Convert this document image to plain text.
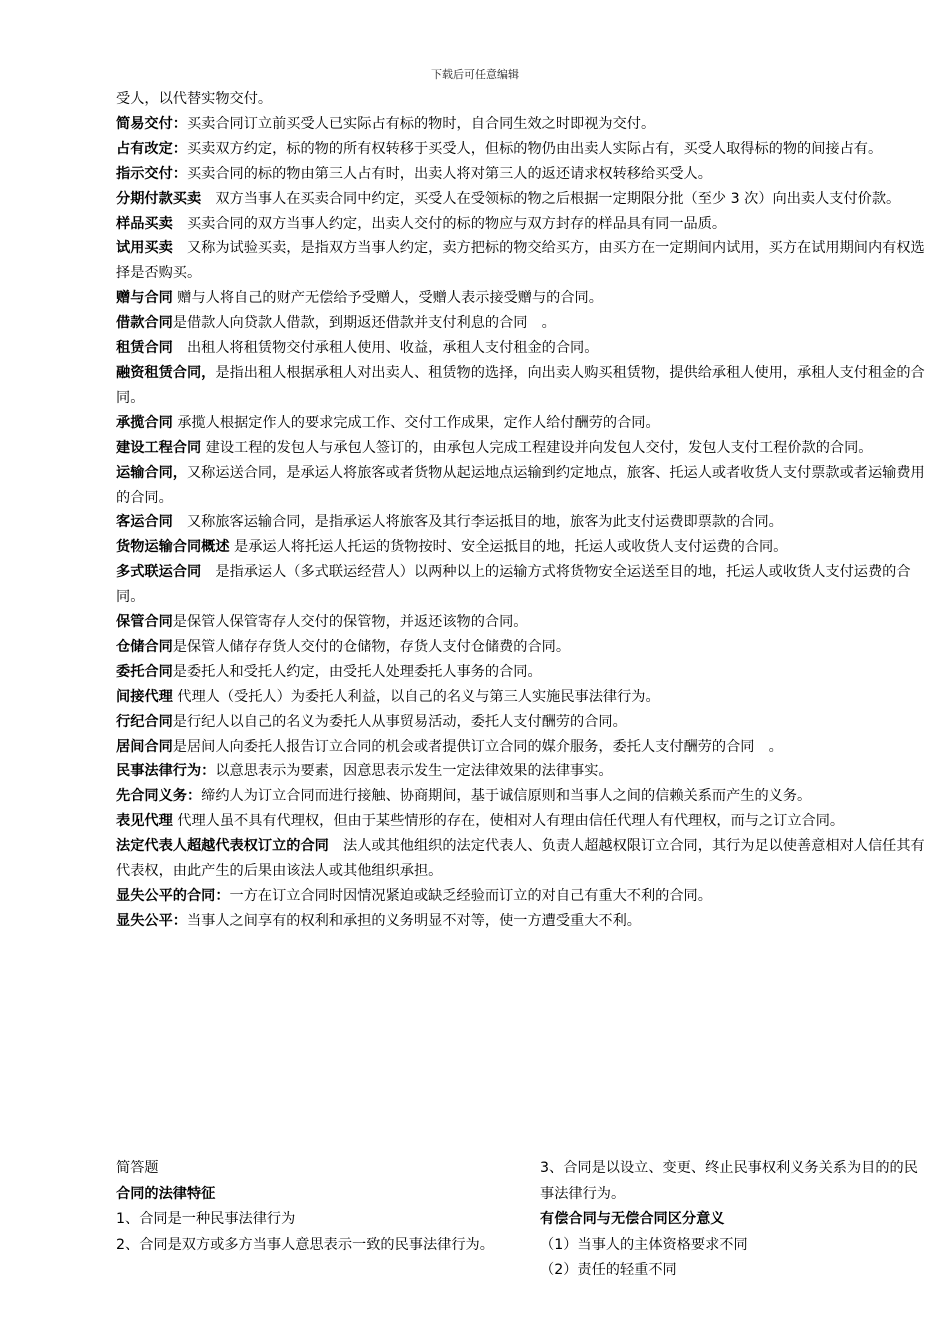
下载后可任意编辑

受人，以代替实物交付。

简易交付：买卖合同订立前买受人已实际占有标的物时，自合同生效之时即视为交付。

占有改定：买卖双方约定，标的物的所有权转移于买受人，但标的物仍由出卖人实际占有，买受人取得标的物的间接占有。

指示交付：买卖合同的标的物由第三人占有时，出卖人将对第三人的返还请求权转移给买受人。

分期付款买卖　双方当事人在买卖合同中约定，买受人在受领标的物之后根据一定期限分批（至少 3 次）向出卖人支付价款。

样品买卖　买卖合同的双方当事人约定，出卖人交付的标的物应与双方封存的样品具有同一品质。

试用买卖　又称为试验买卖，是指双方当事人约定，卖方把标的物交给买方，由买方在一定期间内试用，买方在试用期间内有权选择是否购买。

赠与合同 赠与人将自己的财产无偿给予受赠人，受赠人表示接受赠与的合同。

借款合同是借款人向贷款人借款，到期返还借款并支付利息的合同　。

租赁合同　出租人将租赁物交付承租人使用、收益，承租人支付租金的合同。

融资租赁合同，是指出租人根据承租人对出卖人、租赁物的选择，向出卖人购买租赁物，提供给承租人使用，承租人支付租金的合同。

承揽合同 承揽人根据定作人的要求完成工作、交付工作成果，定作人给付酬劳的合同。

建设工程合同 建设工程的发包人与承包人签订的，由承包人完成工程建设并向发包人交付，发包人支付工程价款的合同。

运输合同，又称运送合同，是承运人将旅客或者货物从起运地点运输到约定地点，旅客、托运人或者收货人支付票款或者运输费用的合同。

客运合同　又称旅客运输合同，是指承运人将旅客及其行李运抵目的地，旅客为此支付运费即票款的合同。

货物运输合同概述 是承运人将托运人托运的货物按时、安全运抵目的地，托运人或收货人支付运费的合同。

多式联运合同　是指承运人（多式联运经营人）以两种以上的运输方式将货物安全运送至目的地，托运人或收货人支付运费的合同。

保管合同是保管人保管寄存人交付的保管物，并返还该物的合同。

仓储合同是保管人储存存货人交付的仓储物，存货人支付仓储费的合同。

委托合同是委托人和受托人约定，由受托人处理委托人事务的合同。

间接代理 代理人（受托人）为委托人利益，以自己的名义与第三人实施民事法律行为。

行纪合同是行纪人以自己的名义为委托人从事贸易活动，委托人支付酬劳的合同。

居间合同是居间人向委托人报告订立合同的机会或者提供订立合同的媒介服务，委托人支付酬劳的合同　。

民事法律行为：以意思表示为要素，因意思表示发生一定法律效果的法律事实。

先合同义务：缔约人为订立合同而进行接触、协商期间，基于诚信原则和当事人之间的信赖关系而产生的义务。

表见代理 代理人虽不具有代理权，但由于某些情形的存在，使相对人有理由信任代理人有代理权，而与之订立合同。

法定代表人超越代表权订立的合同　法人或其他组织的法定代表人、负责人超越权限订立合同，其行为足以使善意相对人信任其有代表权，由此产生的后果由该法人或其他组织承担。

显失公平的合同：一方在订立合同时因情况紧迫或缺乏经验而订立的对自己有重大不利的合同。

显失公平：当事人之间享有的权利和承担的义务明显不对等，使一方遭受重大不利。

简答题

合同的法律特征

1、合同是一种民事法律行为

2、合同是双方或多方当事人意思表示一致的民事法律行为。

3、合同是以设立、变更、终止民事权利义务关系为目的的民事法律行为。

有偿合同与无偿合同区分意义

（1）当事人的主体资格要求不同

（2）责任的轻重不同
